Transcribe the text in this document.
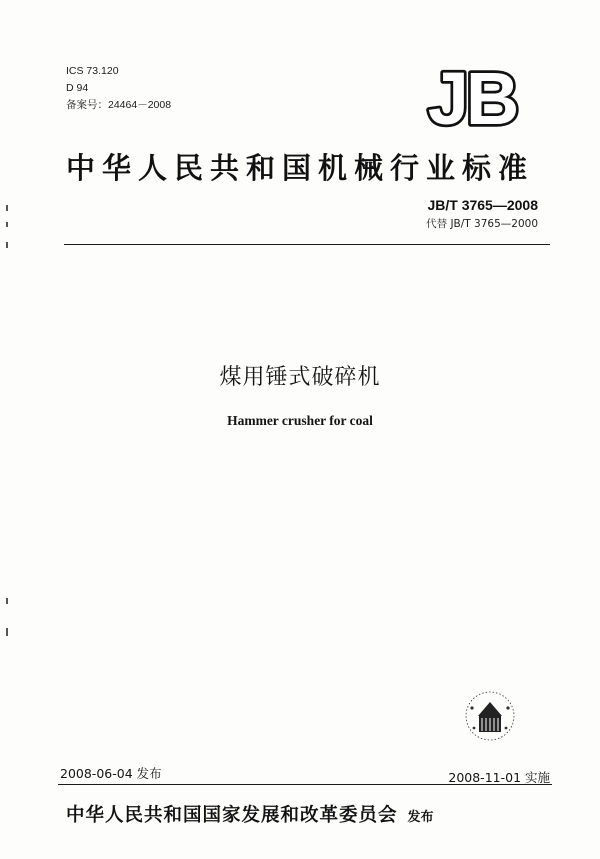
ICS 73.120
D 94
备案号：24464－2008	JB
中华人民共和国机械行业标准
JB/T 3765—2008
代替 JB/T 3765—2000
煤用锤式破碎机
Hammer crusher for coal
2008-06-04 发布	2008-11-01 实施
中华人民共和国国家发展和改革委员会 发布
